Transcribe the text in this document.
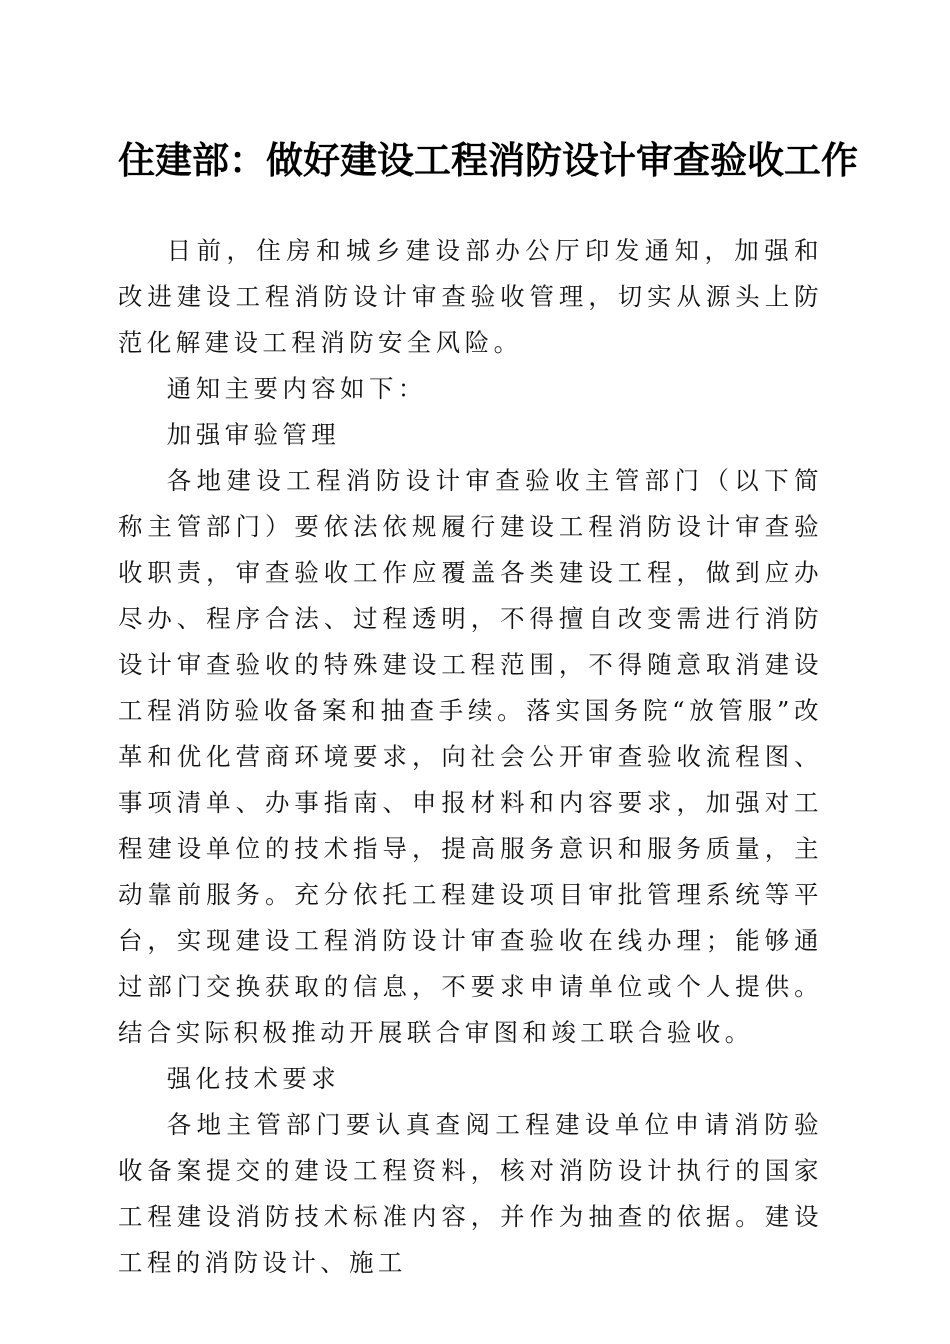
住建部：做好建设工程消防设计审查验收工作

日前，住房和城乡建设部办公厅印发通知，加强和改进建设工程消防设计审查验收管理，切实从源头上防范化解建设工程消防安全风险。

通知主要内容如下：

加强审验管理

各地建设工程消防设计审查验收主管部门（以下简称主管部门）要依法依规履行建设工程消防设计审查验收职责，审查验收工作应覆盖各类建设工程，做到应办尽办、程序合法、过程透明，不得擅自改变需进行消防设计审查验收的特殊建设工程范围，不得随意取消建设工程消防验收备案和抽查手续。落实国务院“放管服”改革和优化营商环境要求，向社会公开审查验收流程图、事项清单、办事指南、申报材料和内容要求，加强对工程建设单位的技术指导，提高服务意识和服务质量，主动靠前服务。充分依托工程建设项目审批管理系统等平台，实现建设工程消防设计审查验收在线办理；能够通过部门交换获取的信息，不要求申请单位或个人提供。结合实际积极推动开展联合审图和竣工联合验收。

强化技术要求

各地主管部门要认真查阅工程建设单位申请消防验收备案提交的建设工程资料，核对消防设计执行的国家工程建设消防技术标准内容，并作为抽查的依据。建设工程的消防设计、施工
